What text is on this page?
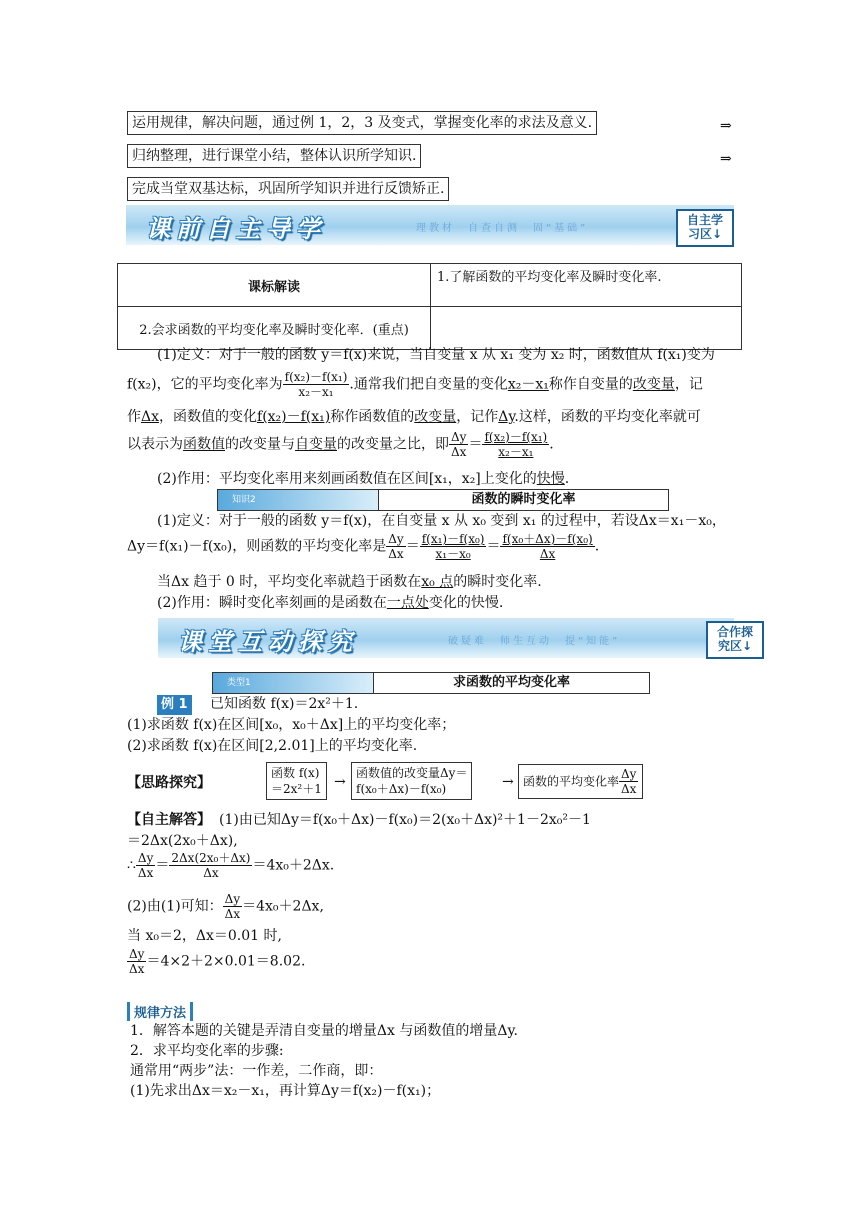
运用规律，解决问题，通过例 1，2，3 及变式，掌握变化率的求法及意义.	⇒
归纳整理，进行课堂小结，整体认识所学知识.	⇒
完成当堂双基达标，巩固所学知识并进行反馈矫正.
课前自主导学	理教材　自查自测　固“基础”
自主学
习区↓
课标解读	1.了解函数的平均变化率及瞬时变化率.
2.会求函数的平均变化率及瞬时变化率．(重点)	
(1)定义：对于一般的函数 y＝f(x)来说，当自变量 x 从 x₁ 变为 x₂ 时，函数值从 f(x₁)变为
f(x₂)，它的平均变化率为 $\frac{\text{f(x₂)－f(x₁)}}{\text{x₂－x₁}}$ .通常我们把自变量的变化x₂－x₁称作自变量的改变量，记
作Δx，函数值的变化f(x₂)－f(x₁)称作函数值的改变量，记作Δy.这样，函数的平均变化率就可
以表示为函数值的改变量与自变量的改变量之比，即 $\frac{\Delta y}{\Delta x} = \frac{\text{f(x₂)－f(x₁)}}{\text{x₂－x₁}}$ .
(2)作用：平均变化率用来刻画函数值在区间[x₁，x₂]上变化的快慢.
知识2	函数的瞬时变化率
(1)定义：对于一般的函数 y＝f(x)，在自变量 x 从 x₀ 变到 x₁ 的过程中，若设Δx＝x₁－x₀，
Δy＝f(x₁)－f(x₀)，则函数的平均变化率是 $\frac{\Delta y}{\Delta x} = \frac{\text{f(x₁)－f(x₀)}}{\text{x₁－x₀}} = \frac{\text{f(x₀＋Δx)－f(x₀)}}{\Delta x}$ .
当Δx 趋于 0 时，平均变化率就趋于函数在x₀ 点的瞬时变化率.
(2)作用：瞬时变化率刻画的是函数在一点处变化的快慢.
课堂互动探究	破疑难　师生互动　提“知能”
合作探
究区↓
类型1	求函数的平均变化率
例 1 已知函数 f(x)＝2x²＋1.
(1)求函数 f(x)在区间[x₀，x₀＋Δx]上的平均变化率；
(2)求函数 f(x)在区间[2,2.01]上的平均变化率.
【思路探究】
函数 f(x)
＝2x²＋1 →
函数值的改变量Δy＝
f(x₀＋Δx)－f(x₀)	→ 函数的平均变化率 $\frac{\Delta y}{\Delta x}$
【自主解答】 (1)由已知Δy＝f(x₀＋Δx)－f(x₀)＝2(x₀＋Δx)²＋1－2x₀²－1
＝2Δx(2x₀＋Δx),
∴ $\frac{\Delta y}{\Delta x} = \frac{\text{2Δx(2x₀＋Δx)}}{\Delta x} =4x_0+2\Delta x$.
(2)由(1)可知： $\frac{\Delta y}{\Delta x} =4x_0+2\Delta x$,
当 x₀＝2，Δx＝0.01 时,
$\frac{\Delta y}{\Delta x} =4\times 2+2\times 0.01=8.02$.
规律方法
1．解答本题的关键是弄清自变量的增量Δx 与函数值的增量Δy.
2．求平均变化率的步骤:
通常用“两步”法：一作差，二作商，即：
(1)先求出Δx＝x₂－x₁，再计算Δy＝f(x₂)－f(x₁)；
